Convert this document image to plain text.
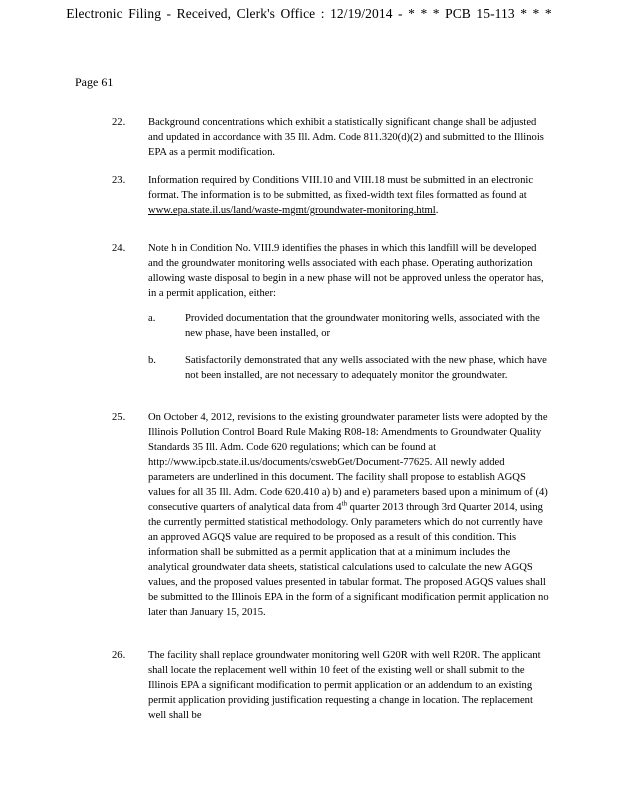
Electronic Filing - Received, Clerk's Office : 12/19/2014 - * * * PCB 15-113 * * *
Page 61
22. Background concentrations which exhibit a statistically significant change shall be adjusted and updated in accordance with 35 Ill. Adm. Code 811.320(d)(2) and submitted to the Illinois EPA as a permit modification.
23. Information required by Conditions VIII.10 and VIII.18 must be submitted in an electronic format. The information is to be submitted, as fixed-width text files formatted as found at www.epa.state.il.us/land/waste-mgmt/groundwater-monitoring.html.
24. Note h in Condition No. VIII.9 identifies the phases in which this landfill will be developed and the groundwater monitoring wells associated with each phase. Operating authorization allowing waste disposal to begin in a new phase will not be approved unless the operator has, in a permit application, either:
a.	Provided documentation that the groundwater monitoring wells, associated with the new phase, have been installed, or
b.	Satisfactorily demonstrated that any wells associated with the new phase, which have not been installed, are not necessary to adequately monitor the groundwater.
25. On October 4, 2012, revisions to the existing groundwater parameter lists were adopted by the Illinois Pollution Control Board Rule Making R08-18: Amendments to Groundwater Quality Standards 35 Ill. Adm. Code 620 regulations; which can be found at http://www.ipcb.state.il.us/documents/cswebGet/Document-77625. All newly added parameters are underlined in this document. The facility shall propose to establish AGQS values for all 35 Ill. Adm. Code 620.410 a) b) and e) parameters based upon a minimum of (4) consecutive quarters of analytical data from 4th quarter 2013 through 3rd Quarter 2014, using the currently permitted statistical methodology. Only parameters which do not currently have an approved AGQS value are required to be proposed as a result of this condition. This information shall be submitted as a permit application that at a minimum includes the analytical groundwater data sheets, statistical calculations used to calculate the new AGQS values, and the proposed values presented in tabular format. The proposed AGQS values shall be submitted to the Illinois EPA in the form of a significant modification permit application no later than January 15, 2015.
26. The facility shall replace groundwater monitoring well G20R with well R20R. The applicant shall locate the replacement well within 10 feet of the existing well or shall submit to the Illinois EPA a significant modification to permit application or an addendum to an existing permit application providing justification requesting a change in location. The replacement well shall be
